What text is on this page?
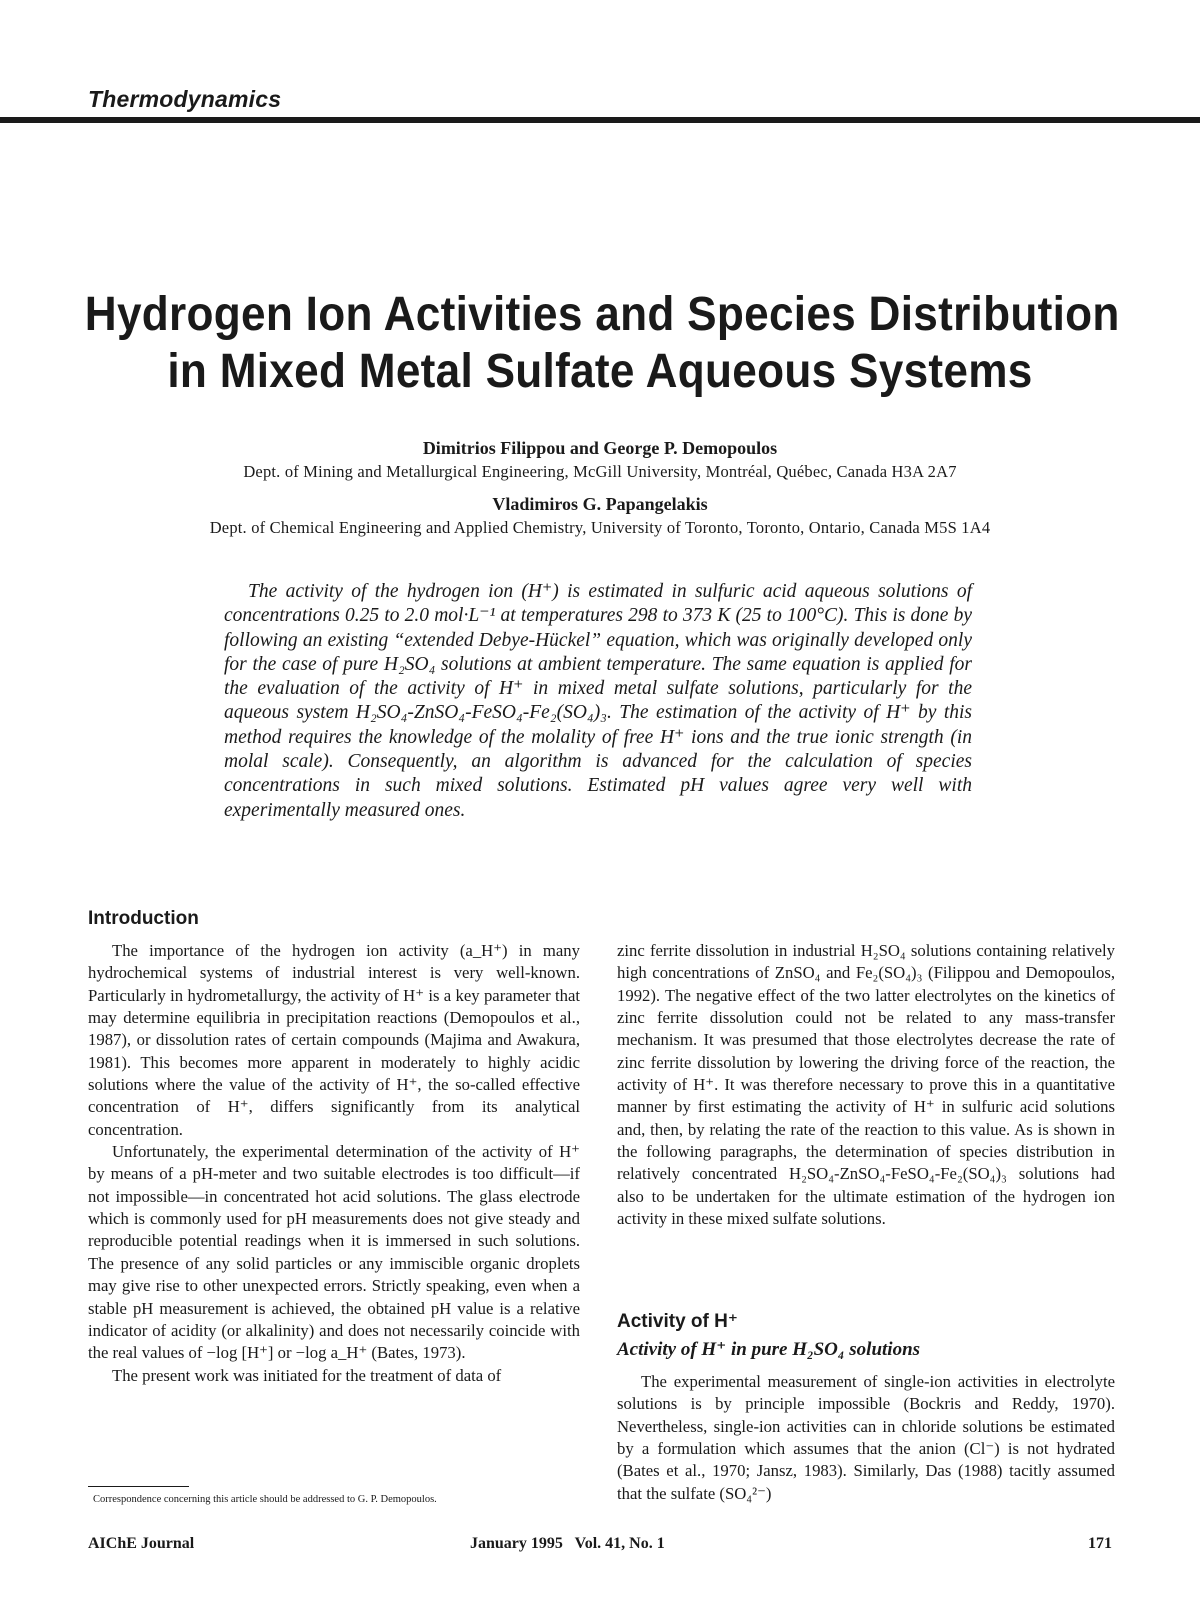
Thermodynamics
Hydrogen Ion Activities and Species Distribution
in Mixed Metal Sulfate Aqueous Systems
Dimitrios Filippou and George P. Demopoulos
Dept. of Mining and Metallurgical Engineering, McGill University, Montréal, Québec, Canada H3A 2A7
Vladimiros G. Papangelakis
Dept. of Chemical Engineering and Applied Chemistry, University of Toronto, Toronto, Ontario, Canada M5S 1A4

The activity of the hydrogen ion (H⁺) is estimated in sulfuric acid aqueous solutions of concentrations 0.25 to 2.0 mol·L⁻¹ at temperatures 298 to 373 K (25 to 100°C). This is done by following an existing “extended Debye-Hückel” equation, which was originally developed only for the case of pure H₂SO₄ solutions at ambient temperature. The same equation is applied for the evaluation of the activity of H⁺ in mixed metal sulfate solutions, particularly for the aqueous system H₂SO₄-ZnSO₄-FeSO₄-Fe₂(SO₄)₃. The estimation of the activity of H⁺ by this method requires the knowledge of the molality of free H⁺ ions and the true ionic strength (in molal scale). Consequently, an algorithm is advanced for the calculation of species concentrations in such mixed solutions. Estimated pH values agree very well with experimentally measured ones.

Introduction

The importance of the hydrogen ion activity (a_H⁺) in many hydrochemical systems of industrial interest is very well-known. Particularly in hydrometallurgy, the activity of H⁺ is a key parameter that may determine equilibria in precipitation reactions (Demopoulos et al., 1987), or dissolution rates of certain compounds (Majima and Awakura, 1981). This becomes more apparent in moderately to highly acidic solutions where the value of the activity of H⁺, the so-called effective concentration of H⁺, differs significantly from its analytical concentration.

Unfortunately, the experimental determination of the activity of H⁺ by means of a pH-meter and two suitable electrodes is too difficult—if not impossible—in concentrated hot acid solutions. The glass electrode which is commonly used for pH measurements does not give steady and reproducible potential readings when it is immersed in such solutions. The presence of any solid particles or any immiscible organic droplets may give rise to other unexpected errors. Strictly speaking, even when a stable pH measurement is achieved, the obtained pH value is a relative indicator of acidity (or alkalinity) and does not necessarily coincide with the real values of −log [H⁺] or −log a_H⁺ (Bates, 1973).

The present work was initiated for the treatment of data of

zinc ferrite dissolution in industrial H₂SO₄ solutions containing relatively high concentrations of ZnSO₄ and Fe₂(SO₄)₃ (Filippou and Demopoulos, 1992). The negative effect of the two latter electrolytes on the kinetics of zinc ferrite dissolution could not be related to any mass-transfer mechanism. It was presumed that those electrolytes decrease the rate of zinc ferrite dissolution by lowering the driving force of the reaction, the activity of H⁺. It was therefore necessary to prove this in a quantitative manner by first estimating the activity of H⁺ in sulfuric acid solutions and, then, by relating the rate of the reaction to this value. As is shown in the following paragraphs, the determination of species distribution in relatively concentrated H₂SO₄-ZnSO₄-FeSO₄-Fe₂(SO₄)₃ solutions had also to be undertaken for the ultimate estimation of the hydrogen ion activity in these mixed sulfate solutions.

Activity of H⁺
Activity of H⁺ in pure H₂SO₄ solutions

The experimental measurement of single-ion activities in electrolyte solutions is by principle impossible (Bockris and Reddy, 1970). Nevertheless, single-ion activities can in chloride solutions be estimated by a formulation which assumes that the anion (Cl⁻) is not hydrated (Bates et al., 1970; Jansz, 1983). Similarly, Das (1988) tacitly assumed that the sulfate (SO₄²⁻)

Correspondence concerning this article should be addressed to G. P. Demopoulos.
AIChE Journal	January 1995   Vol. 41, No. 1	171
